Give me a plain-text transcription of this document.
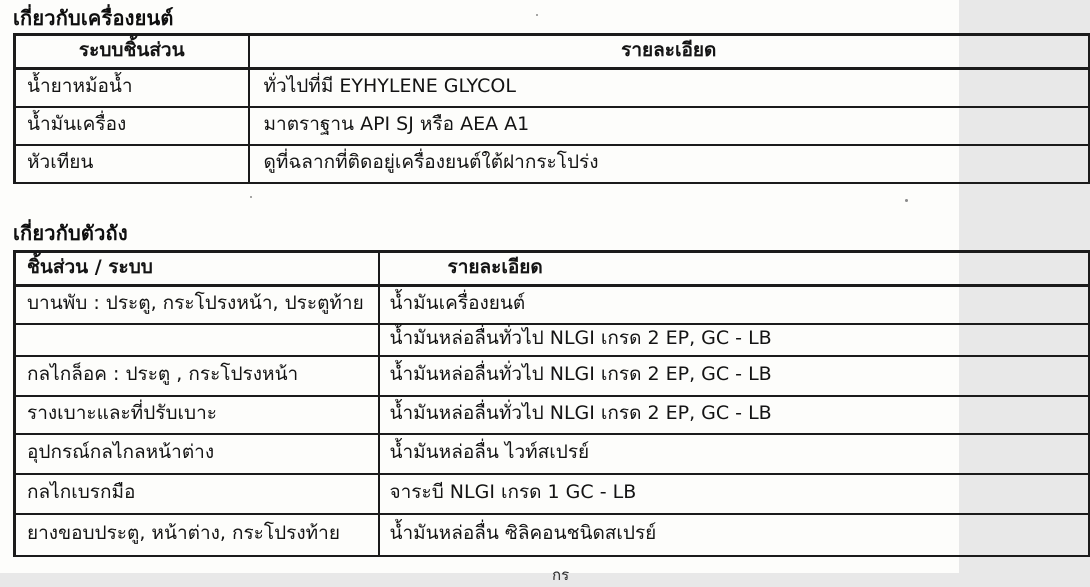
เกี่ยวกับเครื่องยนต์
ระบบชิ้นส่วน	รายละเอียด
น้ำยาหม้อน้ำ	ทั่วไปที่มี EYHYLENE GLYCOL
น้ำมันเครื่อง	มาตราฐาน API SJ หรือ AEA A1
หัวเทียน	ดูที่ฉลากที่ติดอยู่เครื่องยนต์ใต้ฝากระโปร่ง
เกี่ยวกับตัวถัง
ชิ้นส่วน / ระบบ	รายละเอียด
บานพับ : ประตู, กระโปรงหน้า, ประตูท้าย	น้ำมันเครื่องยนต์
	น้ำมันหล่อลื่นทั่วไป NLGI เกรด 2 EP, GC - LB
กลไกล็อค : ประตู , กระโปรงหน้า	น้ำมันหล่อลื่นทั่วไป NLGI เกรด 2 EP, GC - LB
รางเบาะและที่ปรับเบาะ	น้ำมันหล่อลื่นทั่วไป NLGI เกรด 2 EP, GC - LB
อุปกรณ์กลไกลหน้าต่าง	น้ำมันหล่อลื่น ไวท์สเปรย์
กลไกเบรกมือ	จาระบี NLGI เกรด 1 GC - LB
ยางขอบประตู, หน้าต่าง, กระโปรงท้าย	น้ำมันหล่อลื่น ซิลิคอนชนิดสเปรย์
กร
